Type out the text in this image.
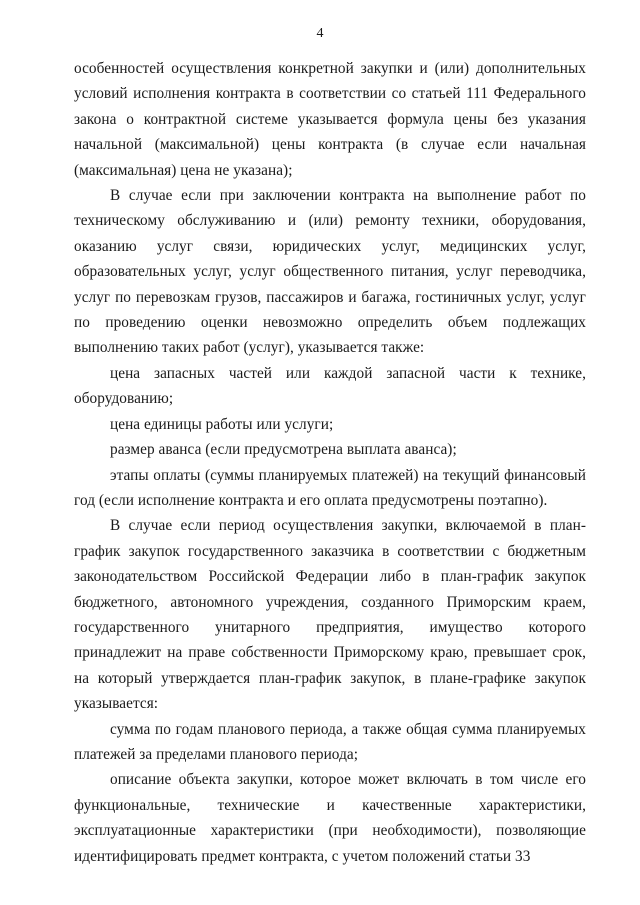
4

особенностей осуществления конкретной закупки и (или) дополнительных условий исполнения контракта в соответствии со статьей 111 Федерального закона о контрактной системе указывается формула цены без указания начальной (максимальной) цены контракта (в случае если начальная (максимальная) цена не указана);

В случае если при заключении контракта на выполнение работ по техническому обслуживанию и (или) ремонту техники, оборудования, оказанию услуг связи, юридических услуг, медицинских услуг, образовательных услуг, услуг общественного питания, услуг переводчика, услуг по перевозкам грузов, пассажиров и багажа, гостиничных услуг, услуг по проведению оценки невозможно определить объем подлежащих выполнению таких работ (услуг), указывается также:

цена запасных частей или каждой запасной части к технике, оборудованию;

цена единицы работы или услуги;

размер аванса (если предусмотрена выплата аванса);

этапы оплаты (суммы планируемых платежей) на текущий финансовый год (если исполнение контракта и его оплата предусмотрены поэтапно).

В случае если период осуществления закупки, включаемой в план-график закупок государственного заказчика в соответствии с бюджетным законодательством Российской Федерации либо в план-график закупок бюджетного, автономного учреждения, созданного Приморским краем, государственного унитарного предприятия, имущество которого принадлежит на праве собственности Приморскому краю, превышает срок, на который утверждается план-график закупок, в плане-графике закупок указывается:

сумма по годам планового периода, а также общая сумма планируемых платежей за пределами планового периода;

описание объекта закупки, которое может включать в том числе его функциональные, технические и качественные характеристики, эксплуатационные характеристики (при необходимости), позволяющие идентифицировать предмет контракта, с учетом положений статьи 33
